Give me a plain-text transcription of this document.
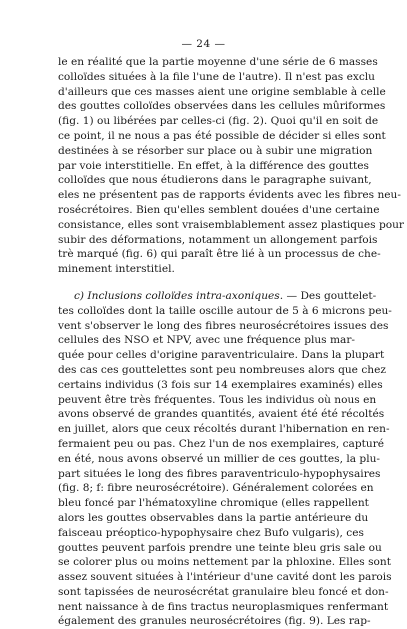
— 24 —
le en réalité que la partie moyenne d'une série de 6 masses
colloïdes situées à la file l'une de l'autre). Il n'est pas exclu
d'ailleurs que ces masses aient une origine semblable à celle
des gouttes colloïdes observées dans les cellules mûriformes
(fig. 1) ou libérées par celles-ci (fig. 2). Quoi qu'il en soit de
ce point, il ne nous a pas été possible de décider si elles sont
destinées à se résorber sur place ou à subir une migration
par voie interstitielle. En effet, à la différence des gouttes
colloïdes que nous étudierons dans le paragraphe suivant,
eles ne présentent pas de rapports évidents avec les fibres neu-
rosécrétoires. Bien qu'elles semblent douées d'une certaine
consistance, elles sont vraisemblablement assez plastiques pour
subir des déformations, notamment un allongement parfois
trè marqué (fig. 6) qui paraît être lié à un processus de che-
minement interstitiel.
c) Inclusions colloïdes intra-axoniques. — Des gouttelet-
tes colloïdes dont la taille oscille autour de 5 à 6 microns peu-
vent s'observer le long des fibres neurosécrétoires issues des
cellules des NSO et NPV, avec une fréquence plus mar-
quée pour celles d'origine paraventriculaire. Dans la plupart
des cas ces gouttelettes sont peu nombreuses alors que chez
certains individus (3 fois sur 14 exemplaires examinés) elles
peuvent être très fréquentes. Tous les individus où nous en
avons observé de grandes quantités, avaient été été récoltés
en juillet, alors que ceux récoltés durant l'hibernation en ren-
fermaient peu ou pas. Chez l'un de nos exemplaires, capturé
en été, nous avons observé un millier de ces gouttes, la plu-
part situées le long des fibres paraventriculo-hypophysaires
(fig. 8; f: fibre neurosécrétoire). Généralement colorées en
bleu foncé par l'hématoxyline chromique (elles rappellent
alors les gouttes observables dans la partie antérieure du
faisceau préoptico-hypophysaire chez Bufo vulgaris), ces
gouttes peuvent parfois prendre une teinte bleu gris sale ou
se colorer plus ou moins nettement par la phloxine. Elles sont
assez souvent situées à l'intérieur d'une cavité dont les parois
sont tapissées de neurosécrétat granulaire bleu foncé et don-
nent naissance à de fins tractus neuroplasmiques renfermant
également des granules neurosécrétoires (fig. 9). Les rap-
